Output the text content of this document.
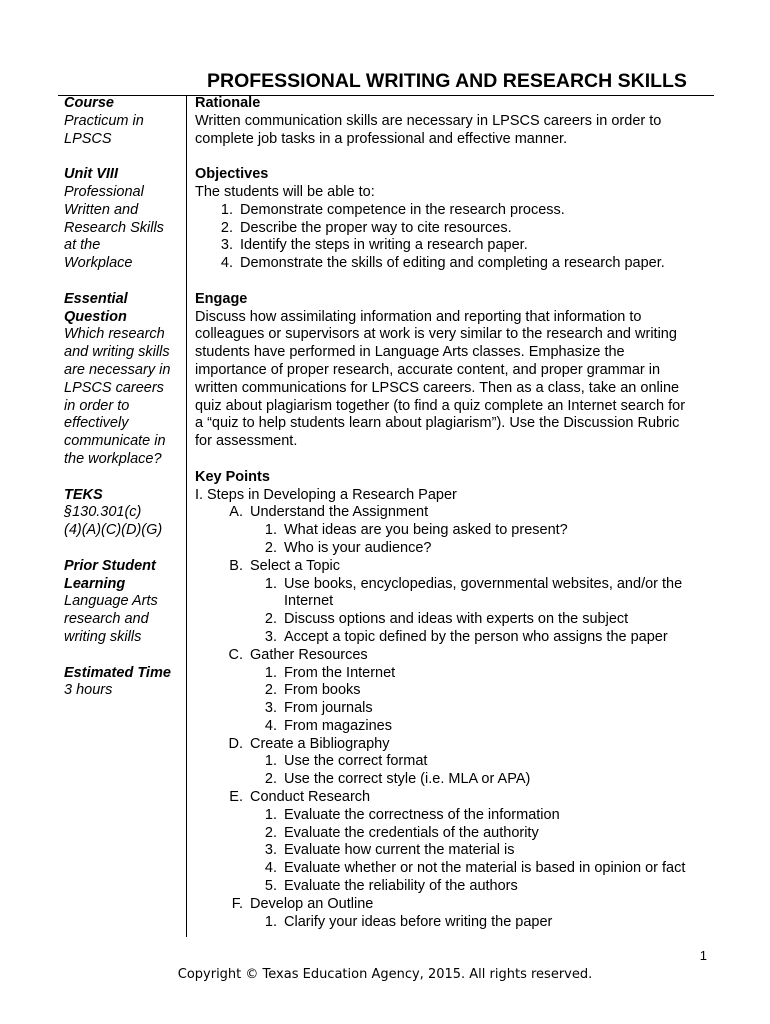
PROFESSIONAL WRITING AND RESEARCH SKILLS
Course
Practicum in
LPSCS
Unit VIII
Professional
Written and
Research Skills
at the
Workplace
Essential
Question
Which research
and writing skills
are necessary in
LPSCS careers
in order to
effectively
communicate in
the workplace?
TEKS
§130.301(c)
(4)(A)(C)(D)(G)
Prior Student
Learning
Language Arts
research and
writing skills
Estimated Time
3 hours
Rationale
Written communication skills are necessary in LPSCS careers in order to
complete job tasks in a professional and effective manner.
Objectives
The students will be able to:
1. Demonstrate competence in the research process.
2. Describe the proper way to cite resources.
3. Identify the steps in writing a research paper.
4. Demonstrate the skills of editing and completing a research paper.
Engage
Discuss how assimilating information and reporting that information to
colleagues or supervisors at work is very similar to the research and writing
students have performed in Language Arts classes. Emphasize the
importance of proper research, accurate content, and proper grammar in
written communications for LPSCS careers. Then as a class, take an online
quiz about plagiarism together (to find a quiz complete an Internet search for
a “quiz to help students learn about plagiarism”). Use the Discussion Rubric
for assessment.
Key Points
I. Steps in Developing a Research Paper
A. Understand the Assignment
1. What ideas are you being asked to present?
2. Who is your audience?
B. Select a Topic
1. Use books, encyclopedias, governmental websites, and/or the
Internet
2. Discuss options and ideas with experts on the subject
3. Accept a topic defined by the person who assigns the paper
C. Gather Resources
1. From the Internet
2. From books
3. From journals
4. From magazines
D. Create a Bibliography
1. Use the correct format
2. Use the correct style (i.e. MLA or APA)
E. Conduct Research
1. Evaluate the correctness of the information
2. Evaluate the credentials of the authority
3. Evaluate how current the material is
4. Evaluate whether or not the material is based in opinion or fact
5. Evaluate the reliability of the authors
F. Develop an Outline
1. Clarify your ideas before writing the paper
1
Copyright © Texas Education Agency, 2015. All rights reserved.
